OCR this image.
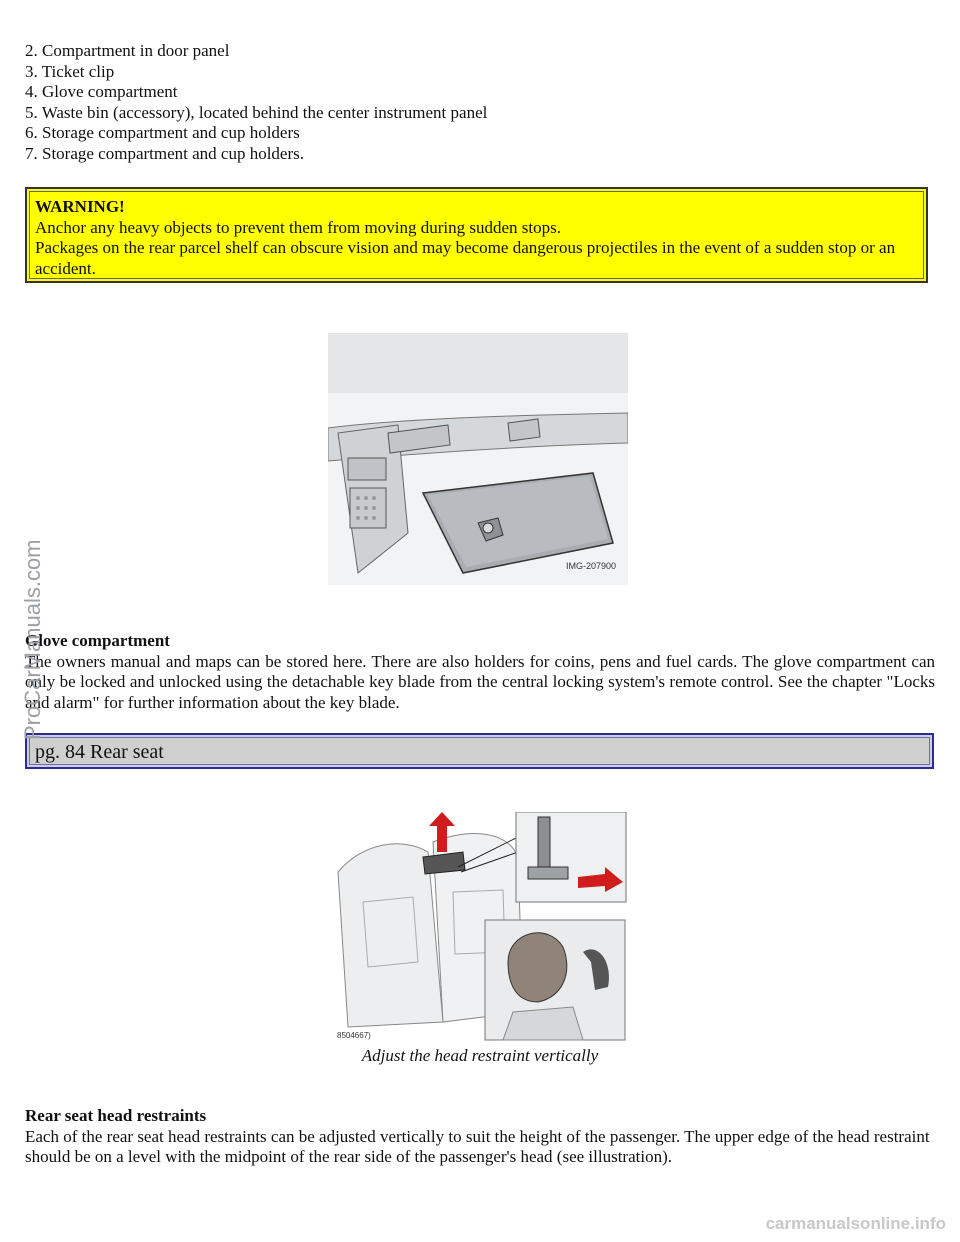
2. Compartment in door panel
3. Ticket clip
4. Glove compartment
5. Waste bin (accessory), located behind the center instrument panel
6. Storage compartment and cup holders
7. Storage compartment and cup holders.
WARNING!
Anchor any heavy objects to prevent them from moving during sudden stops.
Packages on the rear parcel shelf can obscure vision and may become dangerous projectiles in the event of a sudden stop or an accident.
IMG-207900
Glove compartment

The owners manual and maps can be stored here. There are also holders for coins, pens and fuel cards. The glove compartment can only be locked and unlocked using the detachable key blade from the central locking system's remote control. See the chapter "Locks and alarm" for further information about the key blade.

pg. 84 Rear seat
8504667)
Adjust the head restraint vertically
Rear seat head restraints
Each of the rear seat head restraints can be adjusted vertically to suit the height of the passenger. The upper edge of the head restraint should be on a level with the midpoint of the rear side of the passenger's head (see illustration).
ProCarManuals.com
carmanualsonline.info
